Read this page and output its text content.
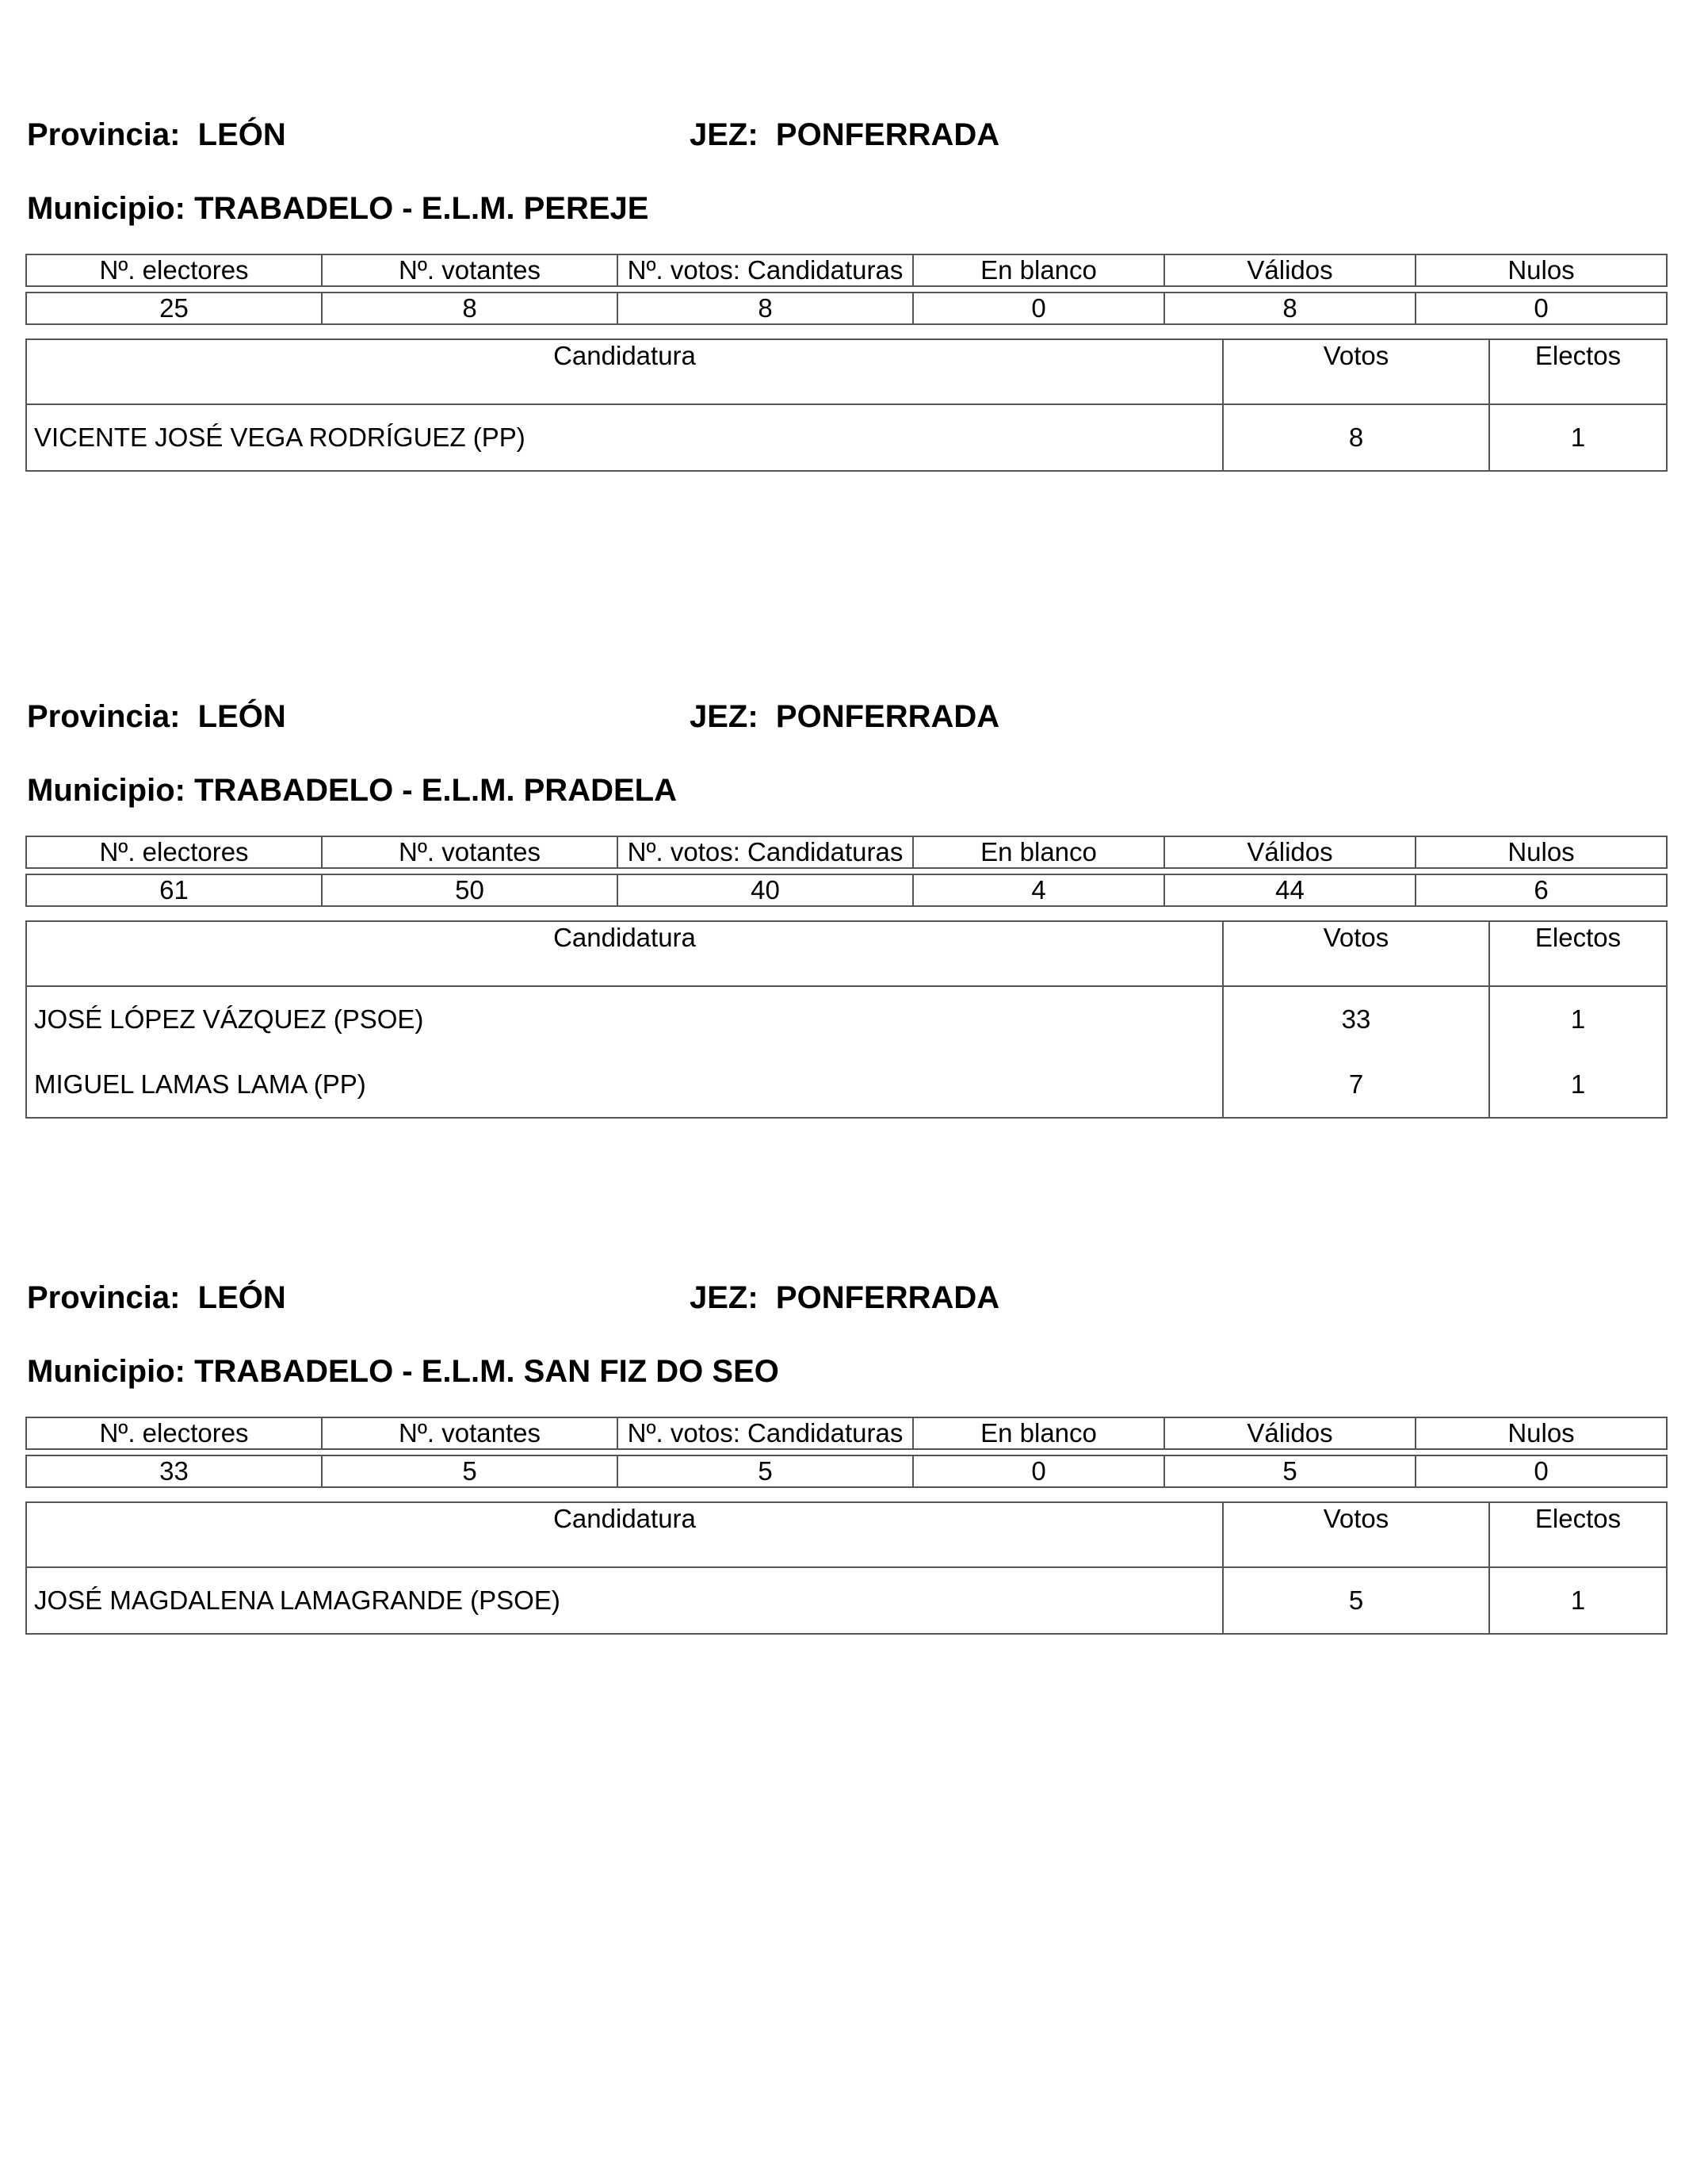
Provincia: LEÓN	JEZ: PONFERRADA
Municipio: TRABADELO - E.L.M. PEREJE
Nº. electores	Nº. votantes	Nº. votos: Candidaturas	En blanco	Válidos	Nulos

25	8	8	0	8	0
Candidatura	Votos	Electos
VICENTE JOSÉ VEGA RODRÍGUEZ (PP)	8	1
Provincia: LEÓN	JEZ: PONFERRADA
Municipio: TRABADELO - E.L.M. PRADELA
Nº. electores	Nº. votantes	Nº. votos: Candidaturas	En blanco	Válidos	Nulos

61	50	40	4	44	6
Candidatura	Votos	Electos
JOSÉ LÓPEZ VÁZQUEZ (PSOE)	33	1
MIGUEL LAMAS LAMA (PP)	7	1
Provincia: LEÓN	JEZ: PONFERRADA
Municipio: TRABADELO - E.L.M. SAN FIZ DO SEO
Nº. electores	Nº. votantes	Nº. votos: Candidaturas	En blanco	Válidos	Nulos

33	5	5	0	5	0
Candidatura	Votos	Electos
JOSÉ MAGDALENA LAMAGRANDE (PSOE)	5	1
